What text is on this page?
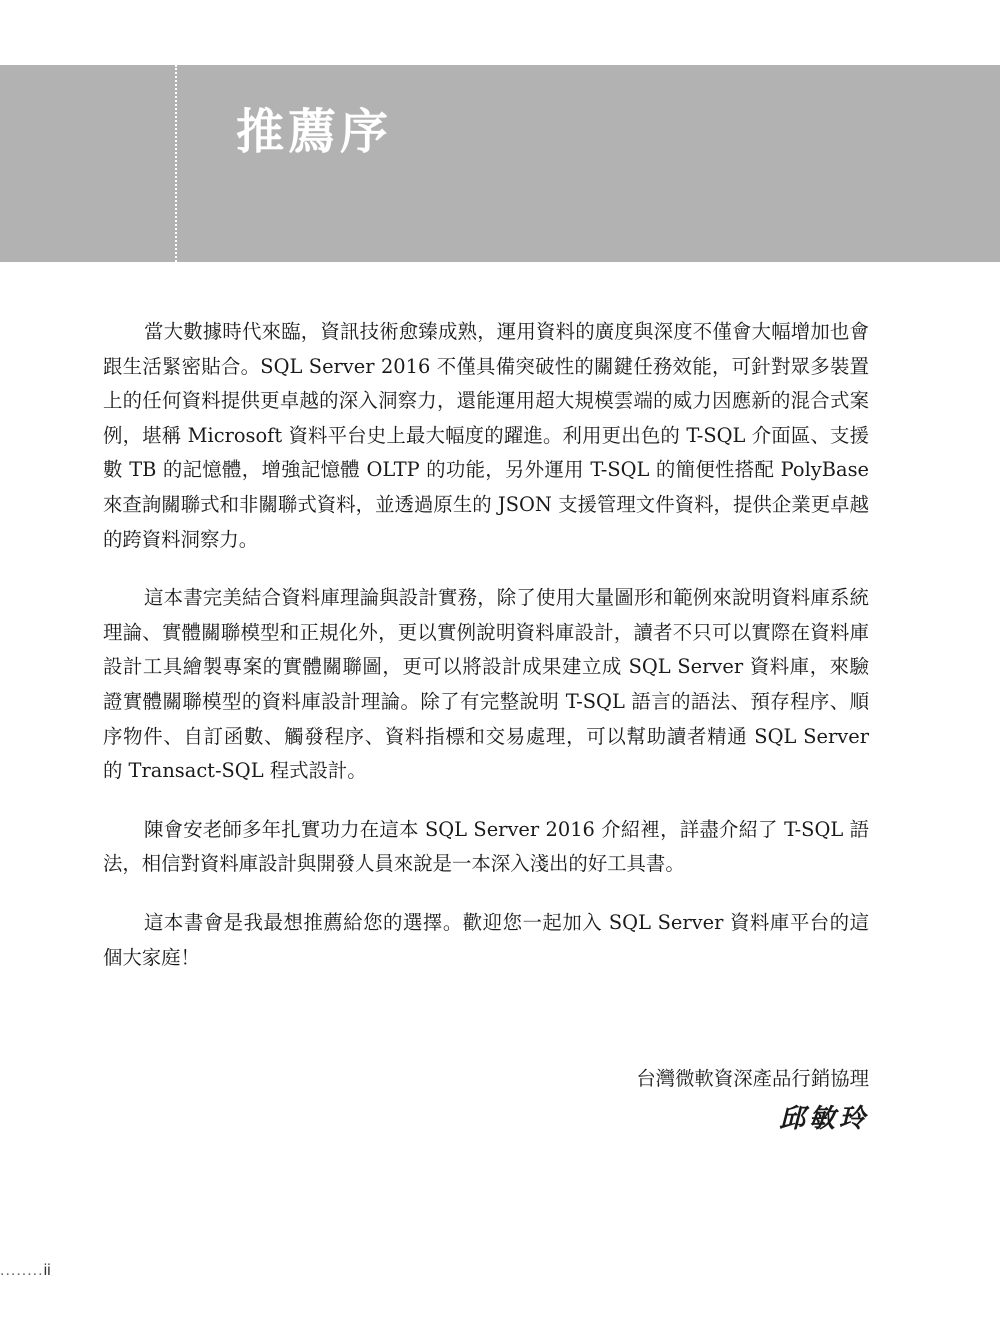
推薦序

當大數據時代來臨，資訊技術愈臻成熟，運用資料的廣度與深度不僅會大幅增加也會跟生活緊密貼合。SQL Server 2016 不僅具備突破性的關鍵任務效能，可針對眾多裝置上的任何資料提供更卓越的深入洞察力，還能運用超大規模雲端的威力因應新的混合式案例，堪稱 Microsoft 資料平台史上最大幅度的躍進。利用更出色的 T-SQL 介面區、支援數 TB 的記憶體，增強記憶體 OLTP 的功能，另外運用 T-SQL 的簡便性搭配 PolyBase 來查詢關聯式和非關聯式資料，並透過原生的 JSON 支援管理文件資料，提供企業更卓越的跨資料洞察力。

這本書完美結合資料庫理論與設計實務，除了使用大量圖形和範例來說明資料庫系統理論、實體關聯模型和正規化外，更以實例說明資料庫設計，讀者不只可以實際在資料庫設計工具繪製專案的實體關聯圖，更可以將設計成果建立成 SQL Server 資料庫，來驗證實體關聯模型的資料庫設計理論。除了有完整說明 T-SQL 語言的語法、預存程序、順序物件、自訂函數、觸發程序、資料指標和交易處理，可以幫助讀者精通 SQL Server 的 Transact-SQL 程式設計。

陳會安老師多年扎實功力在這本 SQL Server 2016 介紹裡，詳盡介紹了 T-SQL 語法，相信對資料庫設計與開發人員來說是一本深入淺出的好工具書。

這本書會是我最想推薦給您的選擇。歡迎您一起加入 SQL Server 資料庫平台的這個大家庭！

台灣微軟資深產品行銷協理

邱敏玲
........ii
